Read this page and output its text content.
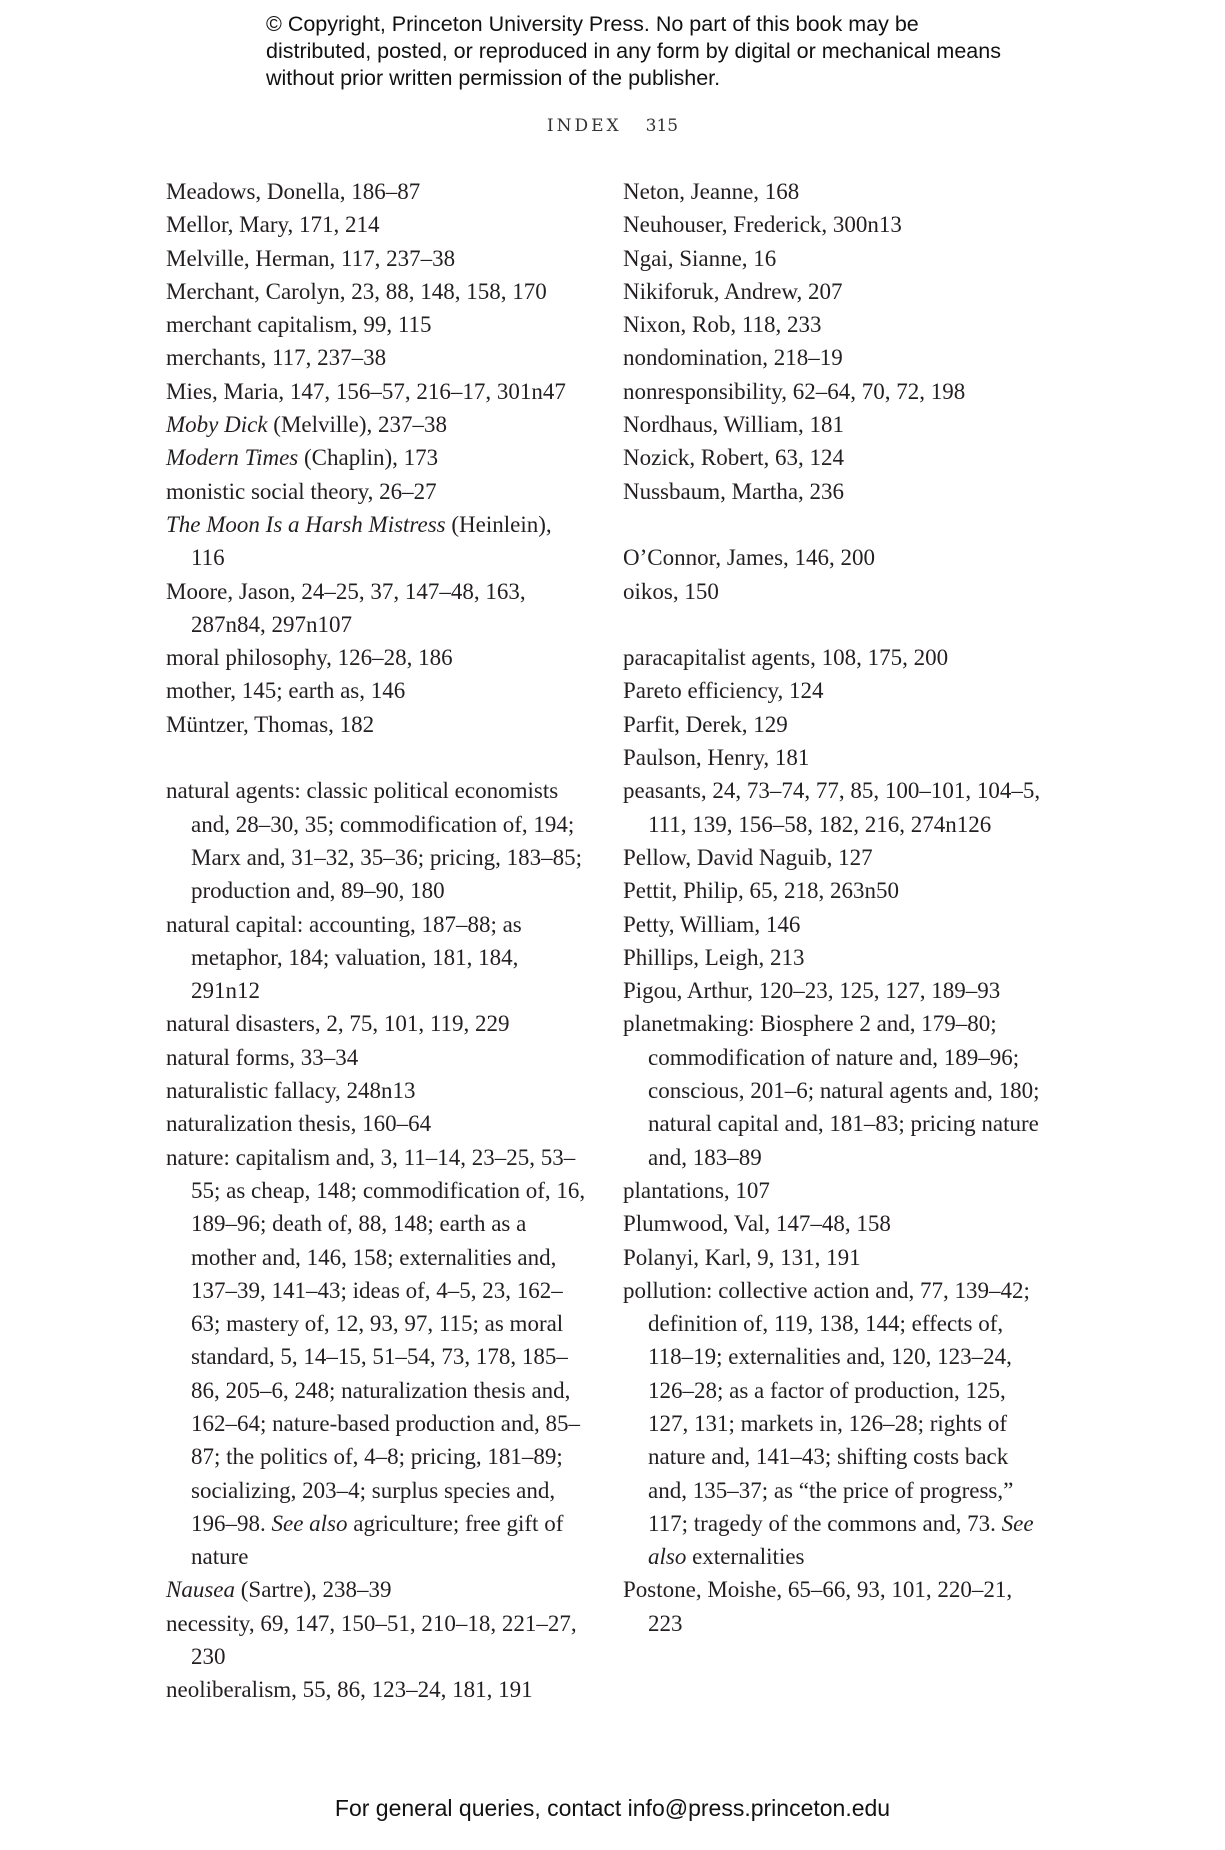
© Copyright, Princeton University Press. No part of this book may be distributed, posted, or reproduced in any form by digital or mechanical means without prior written permission of the publisher.
INDEX 315
Meadows, Donella, 186–87
Mellor, Mary, 171, 214
Melville, Herman, 117, 237–38
Merchant, Carolyn, 23, 88, 148, 158, 170
merchant capitalism, 99, 115
merchants, 117, 237–38
Mies, Maria, 147, 156–57, 216–17, 301n47
Moby Dick (Melville), 237–38
Modern Times (Chaplin), 173
monistic social theory, 26–27
The Moon Is a Harsh Mistress (Heinlein), 116
Moore, Jason, 24–25, 37, 147–48, 163, 287n84, 297n107
moral philosophy, 126–28, 186
mother, 145; earth as, 146
Müntzer, Thomas, 182
natural agents: classic political economists and, 28–30, 35; commodification of, 194; Marx and, 31–32, 35–36; pricing, 183–85; production and, 89–90, 180
natural capital: accounting, 187–88; as metaphor, 184; valuation, 181, 184, 291n12
natural disasters, 2, 75, 101, 119, 229
natural forms, 33–34
naturalistic fallacy, 248n13
naturalization thesis, 160–64
nature: capitalism and, 3, 11–14, 23–25, 53–55; as cheap, 148; commodification of, 16, 189–96; death of, 88, 148; earth as a mother and, 146, 158; externalities and, 137–39, 141–43; ideas of, 4–5, 23, 162–63; mastery of, 12, 93, 97, 115; as moral standard, 5, 14–15, 51–54, 73, 178, 185–86, 205–6, 248; naturalization thesis and, 162–64; nature-based production and, 85–87; the politics of, 4–8; pricing, 181–89; socializing, 203–4; surplus species and, 196–98. See also agriculture; free gift of nature
Nausea (Sartre), 238–39
necessity, 69, 147, 150–51, 210–18, 221–27, 230
neoliberalism, 55, 86, 123–24, 181, 191
Neton, Jeanne, 168
Neuhouser, Frederick, 300n13
Ngai, Sianne, 16
Nikiforuk, Andrew, 207
Nixon, Rob, 118, 233
nondomination, 218–19
nonresponsibility, 62–64, 70, 72, 198
Nordhaus, William, 181
Nozick, Robert, 63, 124
Nussbaum, Martha, 236
O’Connor, James, 146, 200
oikos, 150
paracapitalist agents, 108, 175, 200
Pareto efficiency, 124
Parfit, Derek, 129
Paulson, Henry, 181
peasants, 24, 73–74, 77, 85, 100–101, 104–5, 111, 139, 156–58, 182, 216, 274n126
Pellow, David Naguib, 127
Pettit, Philip, 65, 218, 263n50
Petty, William, 146
Phillips, Leigh, 213
Pigou, Arthur, 120–23, 125, 127, 189–93
planetmaking: Biosphere 2 and, 179–80; commodification of nature and, 189–96; conscious, 201–6; natural agents and, 180; natural capital and, 181–83; pricing nature and, 183–89
plantations, 107
Plumwood, Val, 147–48, 158
Polanyi, Karl, 9, 131, 191
pollution: collective action and, 77, 139–42; definition of, 119, 138, 144; effects of, 118–19; externalities and, 120, 123–24, 126–28; as a factor of production, 125, 127, 131; markets in, 126–28; rights of nature and, 141–43; shifting costs back and, 135–37; as “the price of progress,” 117; tragedy of the commons and, 73. See also externalities
Postone, Moishe, 65–66, 93, 101, 220–21, 223
For general queries, contact info@press.princeton.edu
